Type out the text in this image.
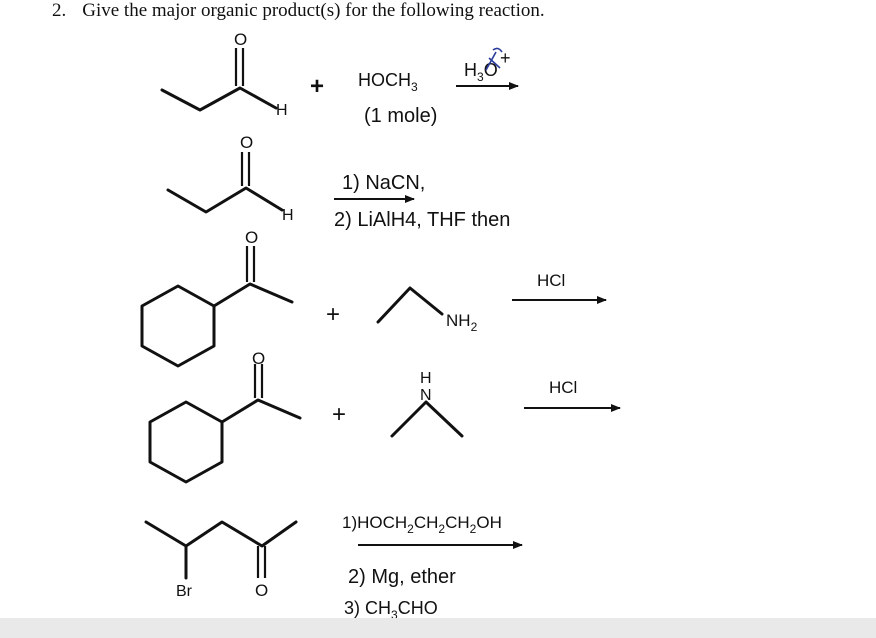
2. Give the major organic product(s) for the following reaction.
O
H
+ $HOCH_3$
(1 mole)
$H_3O$
+
O
H
1) NaCN,
2) LiAlH4, THF then
O
+	$NH_2$
HCl
O
+
H
N	HCl
Br	O
$1)HOCH_2CH_2CH_2OH$
2) Mg, ether
3) $CH_3CHO$
